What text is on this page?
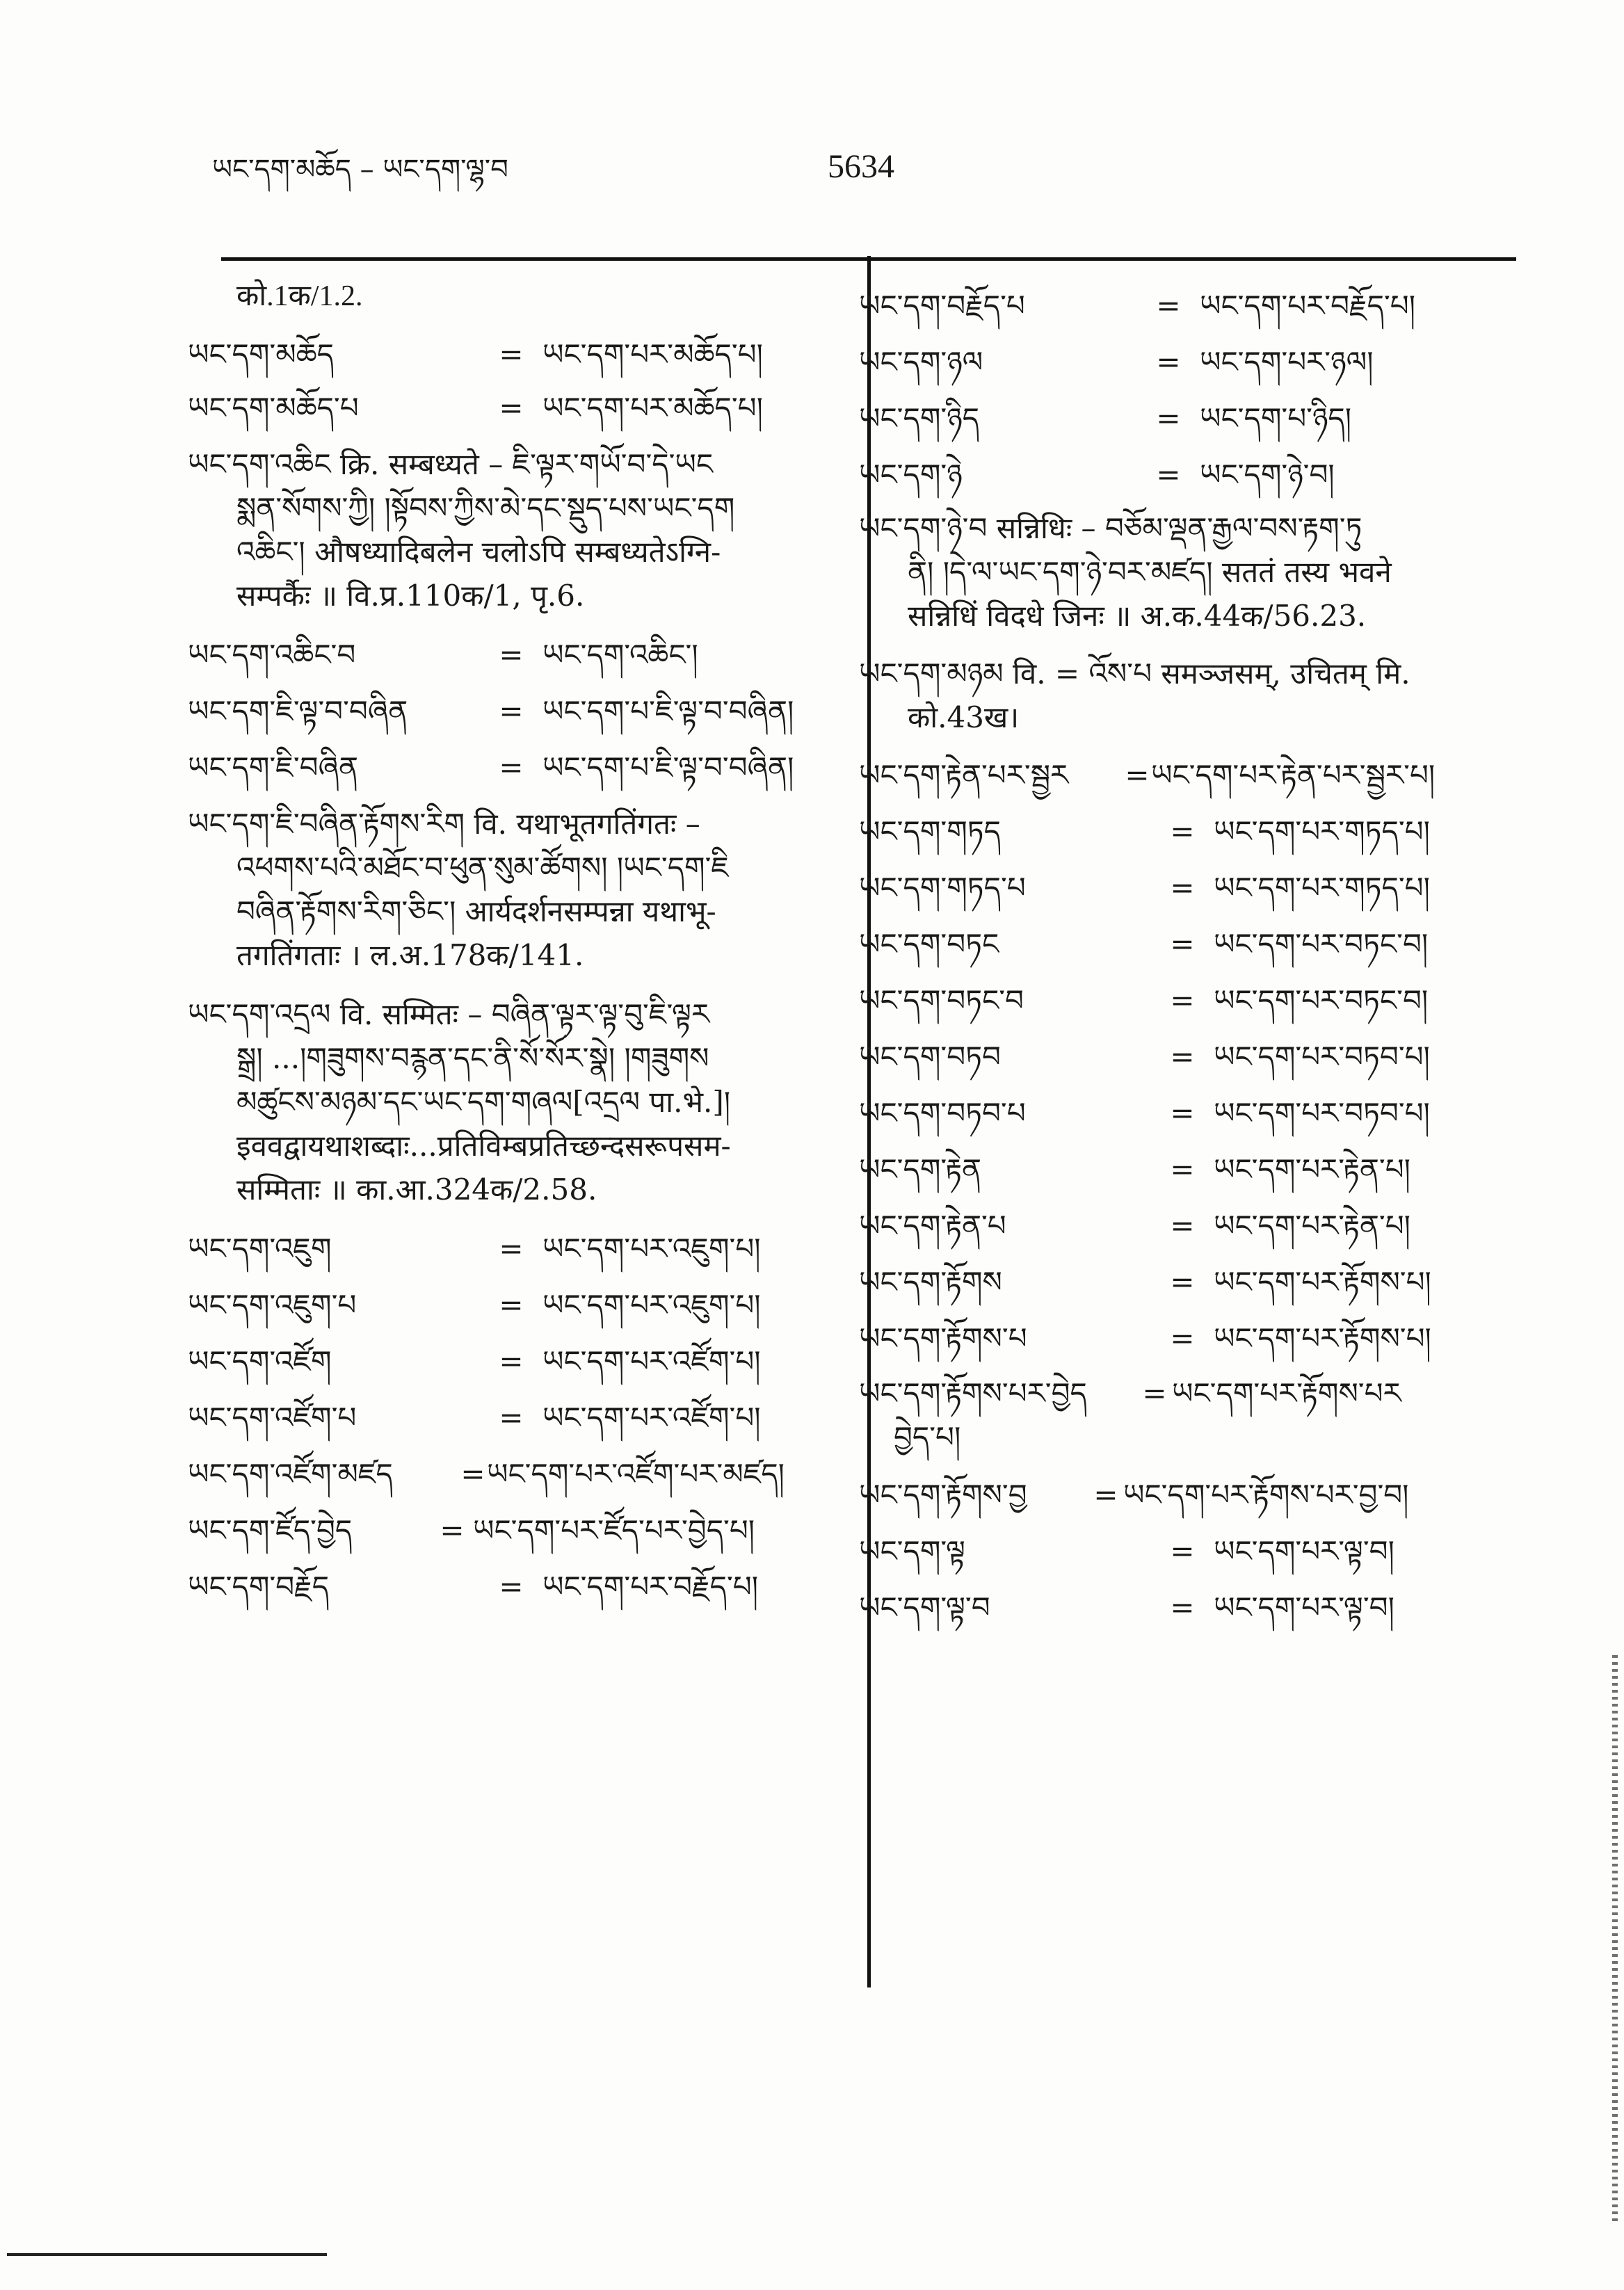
ཡང་དག་མཆོད – ཡང་དག་ལྷ་བ	5634
को.1क/1.2.
ཡང་དག་མཆོད	= ཡང་དག་པར་མཆོད་པ།
ཡང་དག་མཆོད་པ	= ཡང་དག་པར་མཆོད་པ།
ཡང་དག་འཆིང क्रि. सम्बध्यते – ཇི་ལྟར་གཡོ་བ་དེ་ཡང
སྨན་སོགས་ཀྱི། །སྟོབས་ཀྱིས་མེ་དང་སྡུད་པས་ཡང་དག
འཆིང༌། औषध्यादिबलेन चलोऽपि सम्बध्यतेऽग्नि-
सम्पर्कैः ॥ वि.प्र.110क/1, पृ.6.
ཡང་དག་འཆིང་བ	= ཡང་དག་འཆིང༌།
ཡང་དག་ཇི་ལྟ་བ་བཞིན	= ཡང་དག་པ་ཇི་ལྟ་བ་བཞིན།
ཡང་དག་ཇི་བཞིན	= ཡང་དག་པ་ཇི་ལྟ་བ་བཞིན།
ཡང་དག་ཇི་བཞིན་རྟོགས་རིག वि. यथाभूतगतिंगतः –
འཕགས་པའི་མཐོང་བ་ཕུན་སུམ་ཚོགས། །ཡང་དག་ཇི
བཞིན་རྟོགས་རིག་ཅིང༌། आर्यदर्शनसम्पन्ना यथाभू-
तगतिंगताः । ल.अ.178क/141.
ཡང་དག་འདྲལ वि. सम्मितः – བཞིན་ལྟར་ལྟ་བུ་ཇི་ལྟར
སྒྲ། ...།གཟུགས་བརྙན་དང་ནི་སོ་སོར་སྣེ། །གཟུགས
མཚུངས་མཉམ་དང་ཡང་དག་གཞལ[འདྲལ पा.भे.]།
इववद्वायथाशब्दाः...प्रतिविम्बप्रतिच्छन्दसरूपसम-
सम्मिताः ॥ का.आ.324क/2.58.
ཡང་དག་འཇུག	= ཡང་དག་པར་འཇུག་པ།
ཡང་དག་འཇུག་པ	= ཡང་དག་པར་འཇུག་པ།
ཡང་དག་འཛོག	= ཡང་དག་པར་འཛོག་པ།
ཡང་དག་འཛོག་པ	= ཡང་དག་པར་འཛོག་པ།
ཡང་དག་འཛོག་མཛད	= ཡང་དག་པར་འཛོག་པར་མཛད།
ཡང་དག་ཛོད་བྱེད	= ཡང་དག་པར་ཛོད་པར་བྱེད་པ།
ཡང་དག་བརྗོད	= ཡང་དག་པར་བརྗོད་པ།
ཡང་དག་བརྗོད་པ	= ཡང་དག་པར་བརྗོད་པ།
ཡང་དག་ཉལ	= ཡང་དག་པར་ཉལ།
ཡང་དག་ཉིད	= ཡང་དག་པ་ཉིད།
ཡང་དག་ཉེ	= ཡང་དག་ཉེ་བ།
ཡང་དག་ཉེ་བ सन्निधिः – བཅོམ་ལྡན་རྒྱལ་བས་རྟག་ཏུ
ནི། །དེ་ལ་ཡང་དག་ཉེ་བར་མཛད། सततं तस्य भवने
सन्निधिं विदधे जिनः ॥ अ.क.44क/56.23.
ཡང་དག་མཉམ वि. = འོས་པ समञ्जसम्, उचितम् मि.
को.43ख।
ཡང་དག་རྟེན་པར་སྦྱར	= ཡང་དག་པར་རྟེན་པར་སྦྱར་པ།
ཡང་དག་གཏད	= ཡང་དག་པར་གཏད་པ།
ཡང་དག་གཏད་པ	= ཡང་དག་པར་གཏད་པ།
ཡང་དག་བཏང	= ཡང་དག་པར་བཏང་བ།
ཡང་དག་བཏང་བ	= ཡང་དག་པར་བཏང་བ།
ཡང་དག་བཏབ	= ཡང་དག་པར་བཏབ་པ།
ཡང་དག་བཏབ་པ	= ཡང་དག་པར་བཏབ་པ།
ཡང་དག་རྟེན	= ཡང་དག་པར་རྟེན་པ།
ཡང་དག་རྟེན་པ	= ཡང་དག་པར་རྟེན་པ།
ཡང་དག་རྟོགས	= ཡང་དག་པར་རྟོགས་པ།
ཡང་དག་རྟོགས་པ	= ཡང་དག་པར་རྟོགས་པ།
ཡང་དག་རྟོགས་པར་བྱེད	= ཡང་དག་པར་རྟོགས་པར
བྱེད་པ།
ཡང་དག་རྟོགས་བྱ	= ཡང་དག་པར་རྟོགས་པར་བྱ་བ།
ཡང་དག་ལྟ	= ཡང་དག་པར་ལྟ་བ།
ཡང་དག་ལྟ་བ	= ཡང་དག་པར་ལྟ་བ།
